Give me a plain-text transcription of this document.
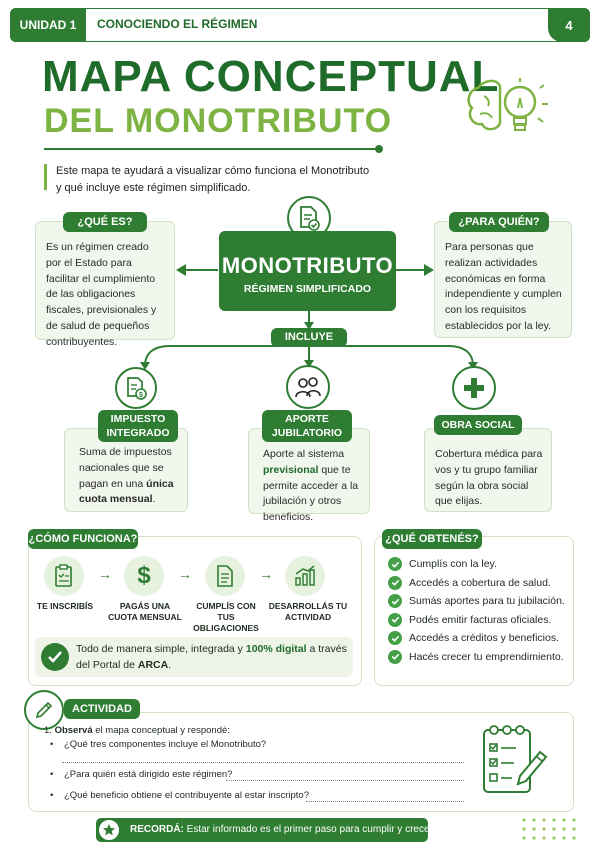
UNIDAD 1 CONOCIENDO EL RÉGIMEN	4
MAPA CONCEPTUAL
DEL MONOTRIBUTO
Este mapa te ayudará a visualizar cómo funciona el Monotributo y qué incluye este régimen simplificado.
Es un régimen creado por el Estado para facilitar el cumplimiento de las obligaciones fiscales, previsionales y de salud de pequeños contribuyentes.
¿QUÉ ES?
Para personas que realizan actividades económicas en forma independiente y cumplen con los requisitos establecidos por la ley.
¿PARA QUIÉN?
MONOTRIBUTO
RÉGIMEN SIMPLIFICADO
INCLUYE
$
Suma de impuestos nacionales que se pagan en una única cuota mensual.
IMPUESTO
INTEGRADO
Aporte al sistema previsional que te permite acceder a la jubilación y otros beneficios.
APORTE
JUBILATORIO
Cobertura médica para vos y tu grupo familiar según la obra social que elijas.
OBRA SOCIAL
¿CÓMO FUNCIONA?
→ $ →	→
TE INSCRIBÍS	PAGÁS UNA
CUOTA MENSUAL
CUMPLÍS CON TUS
OBLIGACIONES
DESARROLLÁS TU
ACTIVIDAD
Todo de manera simple, integrada y 100% digital a través del Portal de ARCA.
¿QUÉ OBTENÉS?
Cumplís con la ley.
Accedés a cobertura de salud.
Sumás aportes para tu jubilación.
Podés emitir facturas oficiales.
Accedés a créditos y beneficios.
Hacés crecer tu emprendimiento.
ACTIVIDAD
1. Observá el mapa conceptual y respondé:
• ¿Qué tres componentes incluye el Monotributo?
• ¿Para quién está dirigido este régimen?
• ¿Qué beneficio obtiene el contribuyente al estar inscripto?
RECORDÁ: Estar informado es el primer paso para cumplir y crecer.
